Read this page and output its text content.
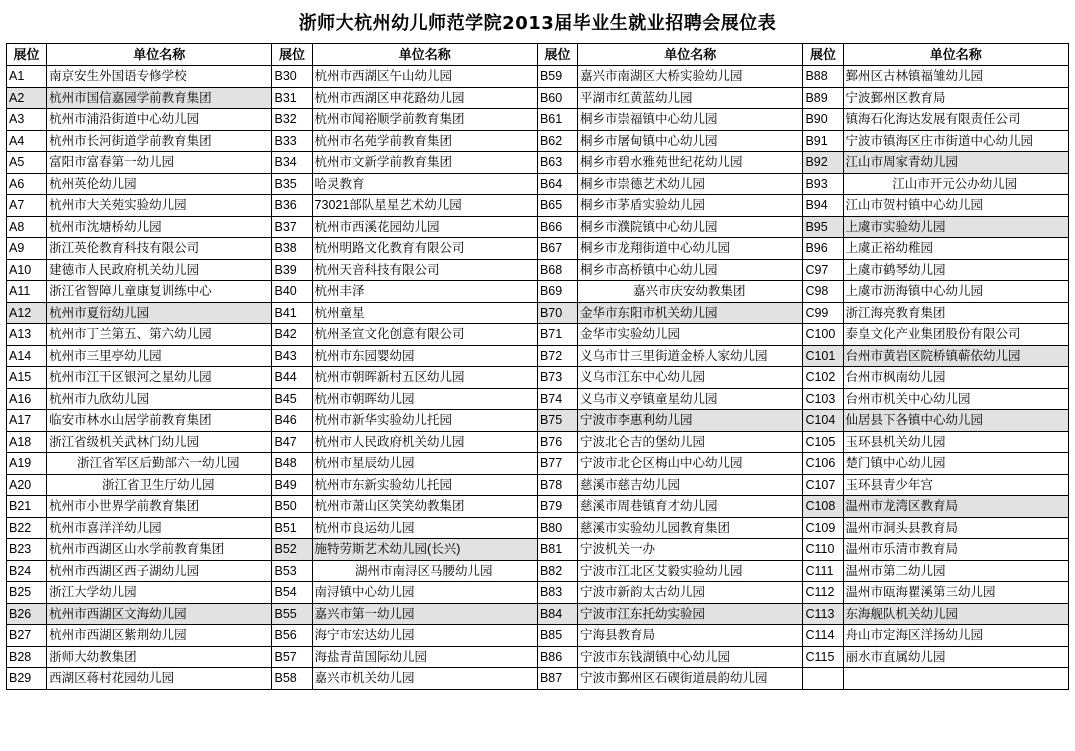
浙师大杭州幼儿师范学院2013届毕业生就业招聘会展位表
展位	单位名称	展位	单位名称	展位	单位名称	展位	单位名称
A1	南京安生外国语专修学校	B30	杭州市西湖区午山幼儿园	B59	嘉兴市南湖区大桥实验幼儿园	B88	鄞州区古林镇福雏幼儿园
A2	杭州市国信嘉园学前教育集团	B31	杭州市西湖区申花路幼儿园	B60	平湖市红黄蓝幼儿园	B89	宁波鄞州区教育局
A3	杭州市浦沿街道中心幼儿园	B32	杭州市闻裕顺学前教育集团	B61	桐乡市崇福镇中心幼儿园	B90	镇海石化海达发展有限责任公司
A4	杭州市长河街道学前教育集团	B33	杭州市名苑学前教育集团	B62	桐乡市屠甸镇中心幼儿园	B91	宁波市镇海区庄市街道中心幼儿园
A5	富阳市富春第一幼儿园	B34	杭州市文新学前教育集团	B63	桐乡市碧水雅苑世纪花幼儿园	B92	江山市周家青幼儿园
A6	杭州英伦幼儿园	B35	哈灵教育	B64	桐乡市崇德艺术幼儿园	B93	江山市开元公办幼儿园
A7	杭州市大关苑实验幼儿园	B36	73021部队星星艺术幼儿园	B65	桐乡市茅盾实验幼儿园	B94	江山市贺村镇中心幼儿园
A8	杭州市沈塘桥幼儿园	B37	杭州市西溪花园幼儿园	B66	桐乡市濮院镇中心幼儿园	B95	上虞市实验幼儿园
A9	浙江英伦教育科技有限公司	B38	杭州明路文化教育有限公司	B67	桐乡市龙翔街道中心幼儿园	B96	上虞正裕幼稚园
A10	建德市人民政府机关幼儿园	B39	杭州天音科技有限公司	B68	桐乡市高桥镇中心幼儿园	C97	上虞市鹤琴幼儿园
A11	浙江省智障儿童康复训练中心	B40	杭州丰泽	B69	嘉兴市庆安幼教集团	C98	上虞市沥海镇中心幼儿园
A12	杭州市夏衍幼儿园	B41	杭州童星	B70	金华市东阳市机关幼儿园	C99	浙江海亮教育集团
A13	杭州市丁兰第五、第六幼儿园	B42	杭州圣宣文化创意有限公司	B71	金华市实验幼儿园	C100	泰皇文化产业集团股份有限公司
A14	杭州市三里亭幼儿园	B43	杭州市东园婴幼园	B72	义乌市廿三里街道金桥人家幼儿园	C101	台州市黄岩区院桥镇蕲依幼儿园
A15	杭州市江干区银河之星幼儿园	B44	杭州市朝晖新村五区幼儿园	B73	义乌市江东中心幼儿园	C102	台州市枫南幼儿园
A16	杭州市九欣幼儿园	B45	杭州市朝晖幼儿园	B74	义乌市义亭镇童星幼儿园	C103	台州市机关中心幼儿园
A17	临安市林水山居学前教育集团	B46	杭州市新华实验幼儿托园	B75	宁波市李惠利幼儿园	C104	仙居县下各镇中心幼儿园
A18	浙江省级机关武林门幼儿园	B47	杭州市人民政府机关幼儿园	B76	宁波北仑吉的堡幼儿园	C105	玉环县机关幼儿园
A19	浙江省军区后勤部六一幼儿园	B48	杭州市星辰幼儿园	B77	宁波市北仑区梅山中心幼儿园	C106	楚门镇中心幼儿园
A20	浙江省卫生厅幼儿园	B49	杭州市东新实验幼儿托园	B78	慈溪市慈吉幼儿园	C107	玉环县青少年宫
B21	杭州市小世界学前教育集团	B50	杭州市萧山区笑笑幼教集团	B79	慈溪市周巷镇育才幼儿园	C108	温州市龙湾区教育局
B22	杭州市喜洋洋幼儿园	B51	杭州市良运幼儿园	B80	慈溪市实验幼儿园教育集团	C109	温州市洞头县教育局
B23	杭州市西湖区山水学前教育集团	B52	施特劳斯艺术幼儿园(长兴)	B81	宁波机关一办	C110	温州市乐清市教育局
B24	杭州市西湖区西子湖幼儿园	B53	湖州市南浔区马腰幼儿园	B82	宁波市江北区艾毅实验幼儿园	C111	温州市第二幼儿园
B25	浙江大学幼儿园	B54	南浔镇中心幼儿园	B83	宁波市新韵太古幼儿园	C112	温州市瓯海瞿溪第三幼儿园
B26	杭州市西湖区文海幼儿园	B55	嘉兴市第一幼儿园	B84	宁波市江东托幼实验园	C113	东海舰队机关幼儿园
B27	杭州市西湖区紫荆幼儿园	B56	海宁市宏达幼儿园	B85	宁海县教育局	C114	舟山市定海区洋扬幼儿园
B28	浙师大幼教集团	B57	海盐青苗国际幼儿园	B86	宁波市东钱湖镇中心幼儿园	C115	丽水市直属幼儿园
B29	西湖区蒋村花园幼儿园	B58	嘉兴市机关幼儿园	B87	宁波市鄞州区石碶街道晨韵幼儿园		
